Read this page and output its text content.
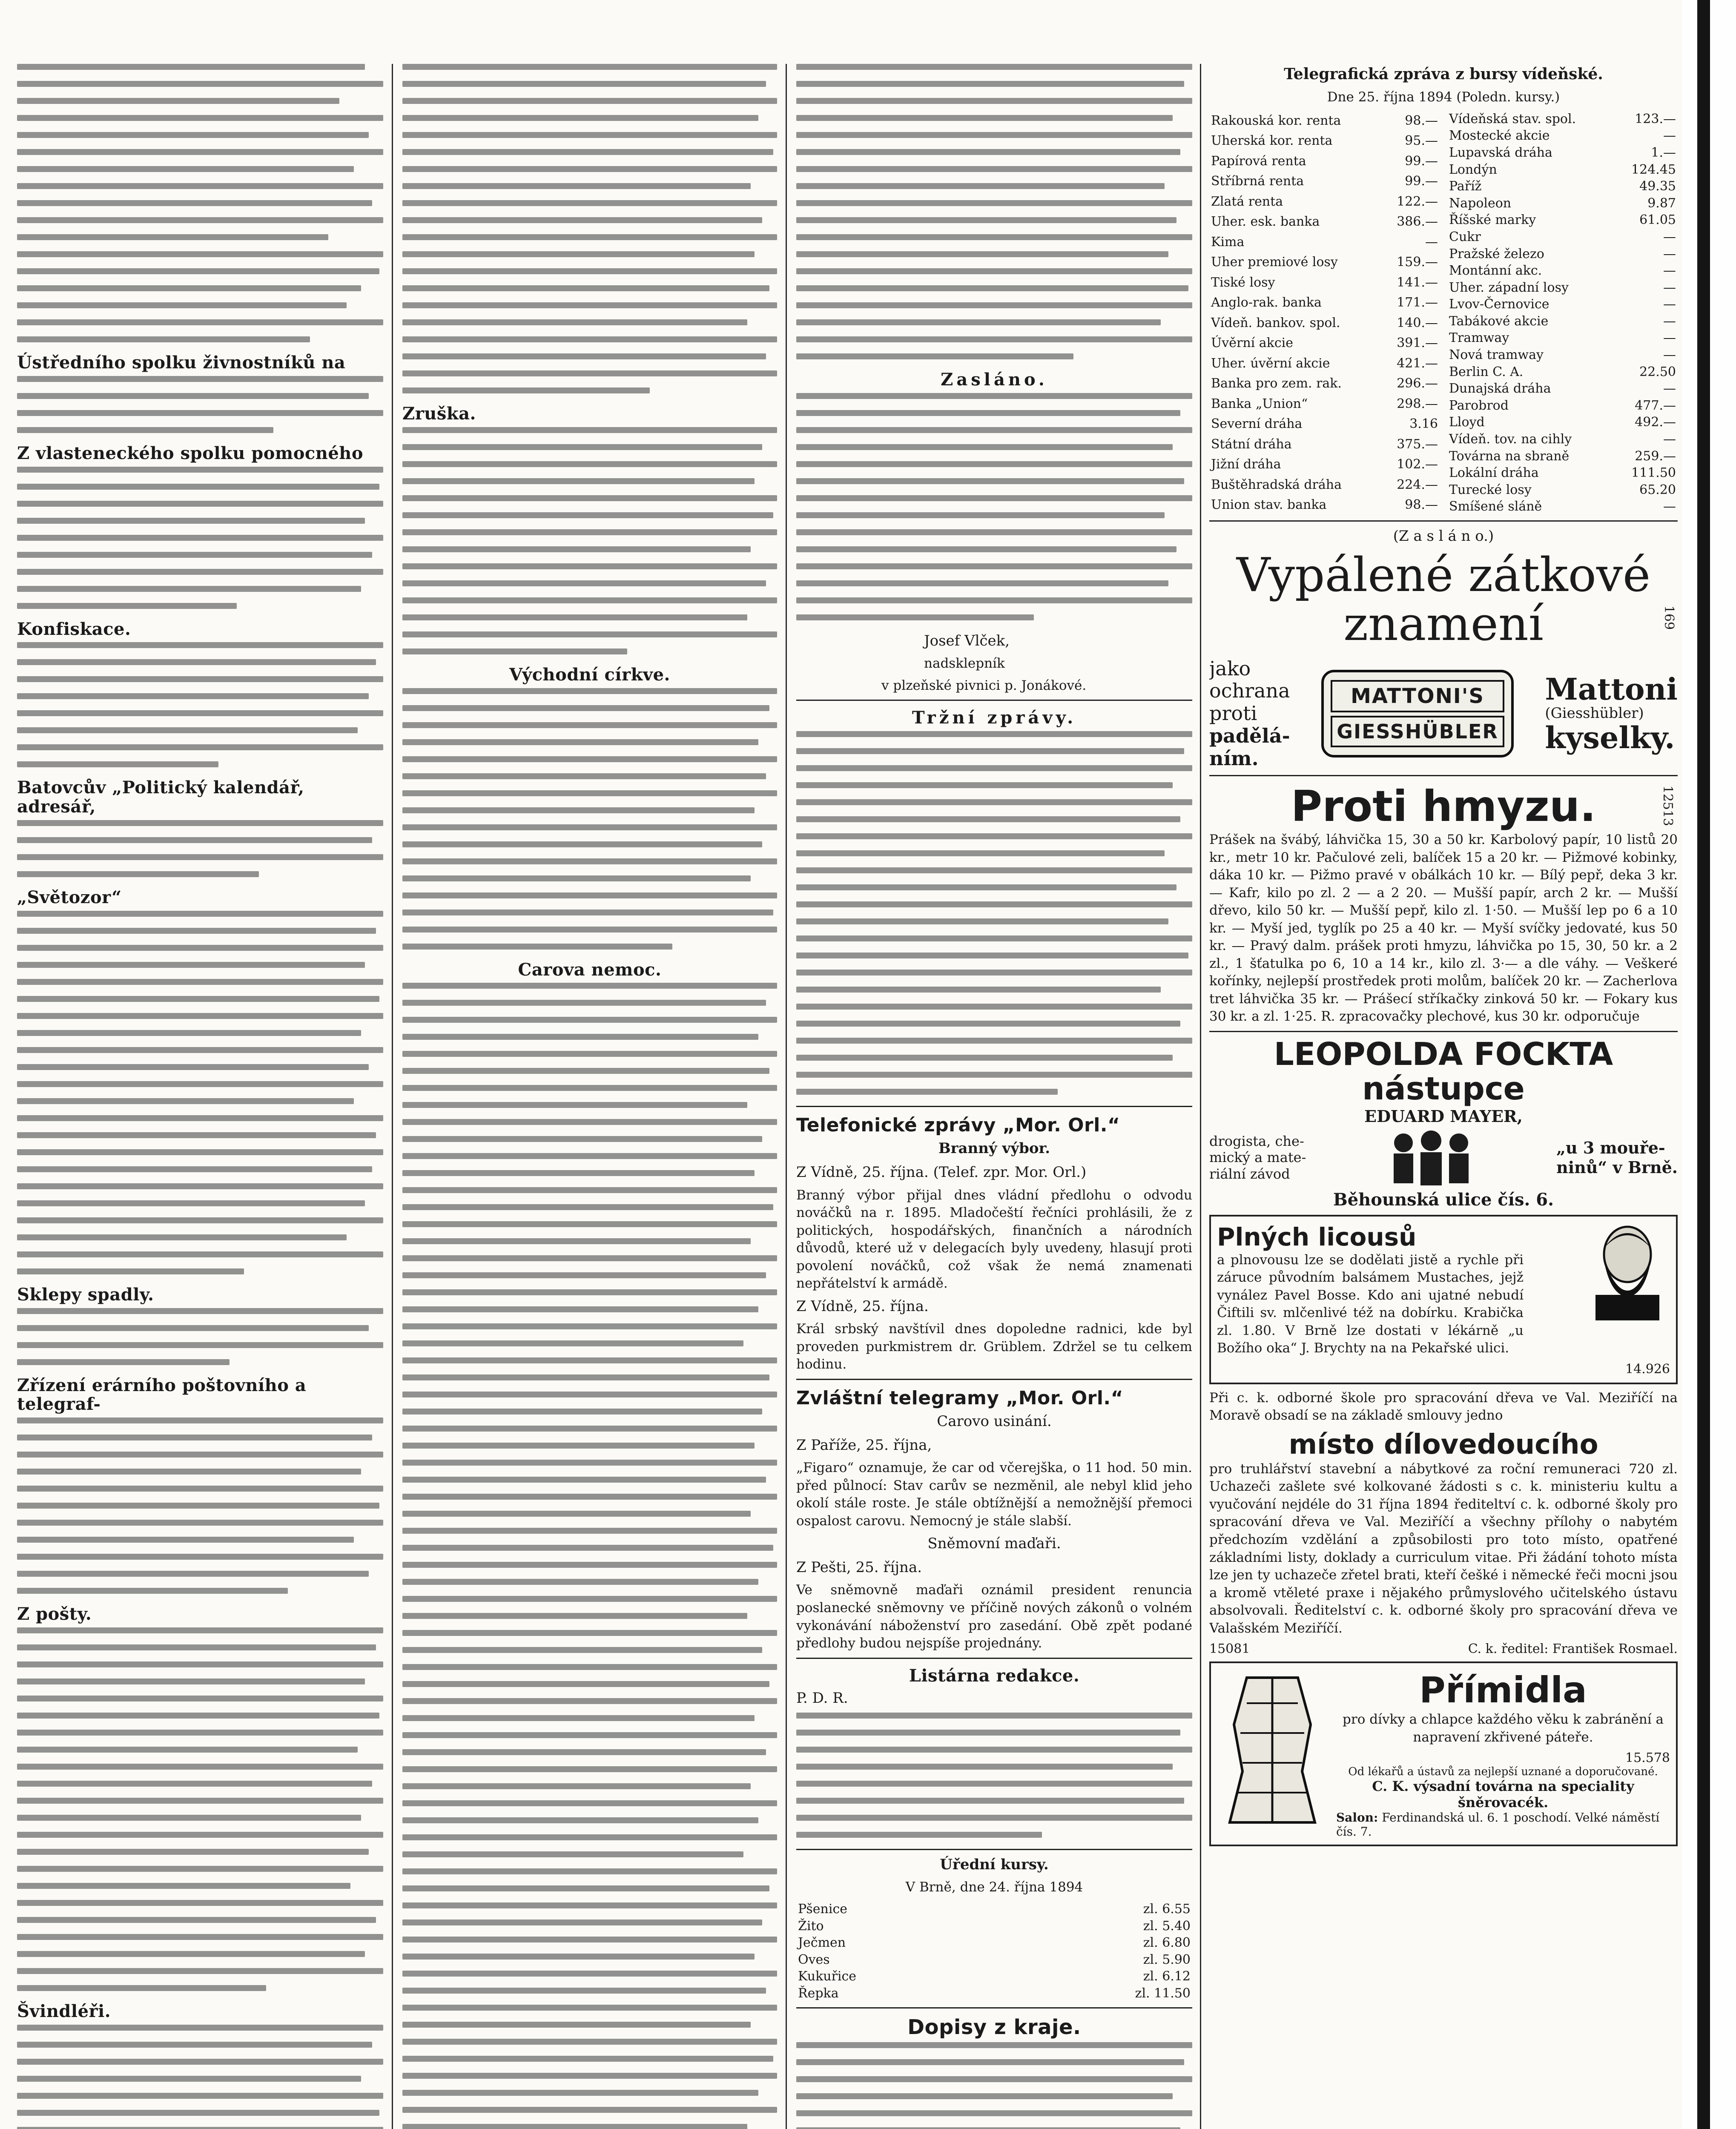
Ústředního spolku živnostníků na
Z vlasteneckého spolku pomocného
Konfiskace.
Batovcův „Politický kalendář, adresář,
„Světozor“
Sklepy spadly.
Zřízení erárního poštovního a telegraf-
Z pošty.
Švindléři.
Zruška.
Východní církve.
Carova nemoc.
Zasláno.
Josef Vlček,
nadsklepník
v plzeňské pivnici p. Jonákové.
Tržní zprávy.
Telefonické zprávy „Mor. Orl.“
Branný výbor.
Z Vídně, 25. října. (Telef. zpr. Mor. Orl.)
Branný výbor přijal dnes vládní předlohu o odvodu nováčků na r. 1895. Mladočeští řečníci prohlásili, že z politických, hospodářských, finančních a národních důvodů, které už v delegacích byly uvedeny, hlasují proti povolení nováčků, což však že nemá znamenati nepřátelství k armádě.
Z Vídně, 25. října.
Král srbský navštívil dnes dopoledne radnici, kde byl proveden purkmistrem dr. Grüblem. Zdržel se tu celkem hodinu.
Zvláštní telegramy „Mor. Orl.“
Carovo usinání.
Z Paříže, 25. října,
„Figaro“ oznamuje, že car od včerejška, o 11 hod. 50 min. před půlnocí: Stav carův se nezměnil, ale nebyl klid jeho okolí stále roste. Je stále obtížnější a nemožnější přemoci ospalost carovu. Nemocný je stále slabší.
Sněmovní maďaři.
Z Pešti, 25. října.
Ve sněmovně maďaři oznámil president renuncia poslanecké sněmovny ve příčině nových zákonů o volném vykonávání náboženství pro zasedání. Obě zpět podané předlohy budou nejspíše projednány.
Listárna redakce.
P. D. R.
Úřední kursy.
V Brně, dne 24. října 1894
Pšenice	zl. 6.55
Žito	zl. 5.40
Ječmen	zl. 6.80
Oves	zl. 5.90
Kukuřice	zl. 6.12
Řepka	zl. 11.50
Dopisy z kraje.
Telegrafická zpráva z bursy vídeňské.
Dne 25. října 1894 (Poledn. kursy.)
Rakouská kor. renta	98.—
Uherská kor. renta	95.—
Papírová renta	99.—
Stříbrná renta	99.—
Zlatá renta	122.—
Uher. esk. banka	386.—
Kima	—
Uher premiové losy	159.—
Tiské losy	141.—
Anglo-rak. banka	171.—
Vídeň. bankov. spol.	140.—
Úvěrní akcie	391.—
Uher. úvěrní akcie	421.—
Banka pro zem. rak.	296.—
Banka „Union“	298.—
Severní dráha	3.16
Státní dráha	375.—
Jižní dráha	102.—
Buštěhradská dráha	224.—
Union stav. banka	98.—
Vídeňská stav. spol.	123.—
Mostecké akcie	—
Lupavská dráha	1.—
Londýn	124.45
Paříž	49.35
Napoleon	9.87
Říšské marky	61.05
Cukr	—
Pražské železo	—
Montánní akc.	—
Uher. západní losy	—
Lvov-Černovice	—
Tabákové akcie	—
Tramway	—
Nová tramway	—
Berlin C. A.	22.50
Dunajská dráha	—
Parobrod	477.—
Lloyd	492.—
Vídeň. tov. na cihly	—
Továrna na sbraně	259.—
Lokální dráha	111.50
Turecké losy	65.20
Smíšené sláně	—
(Z a s l á n o.)
Vypálené zátkové
znamení
jako
ochrana
proti
padělá-
ním.
MATTONI'S
GIESSHÜBLER
Mattoni
(Giesshübler)
kyselky.
169
Proti hmyzu.
Prášek na švábý, láhvička 15, 30 a 50 kr. Karbolový papír, 10 listů 20 kr., metr 10 kr. Pačulové zeli, balíček 15 a 20 kr. — Pižmové kobinky, dáka 10 kr. — Pižmo pravé v obálkách 10 kr. — Bílý pepř, deka 3 kr. — Kafr, kilo po zl. 2 — a 2 20. — Mušší papír, arch 2 kr. — Mušší dřevo, kilo 50 kr. — Mušší pepř, kilo zl. 1·50. — Mušší lep po 6 a 10 kr. — Myší jed, tyglík po 25 a 40 kr. — Myší svíčky jedovaté, kus 50 kr. — Pravý dalm. prášek proti hmyzu, láhvička po 15, 30, 50 kr. a 2 zl., 1 šťatulka po 6, 10 a 14 kr., kilo zl. 3·— a dle váhy. — Veškeré kořínky, nejlepší prostředek proti molům, balíček 20 kr. — Zacherlova tret láhvička 35 kr. — Prášecí stříkačky zinková 50 kr. — Fokary kus 30 kr. a zl. 1·25. R. zpracovačky plechové, kus 30 kr. odporučuje
12513
LEOPOLDA FOCKTA nástupce
EDUARD MAYER,
drogista, che-
mický a mate-
riální závod
„u 3 mouře-
ninů“ v Brně.
Běhounská ulice čís. 6.
Plných licousů
a plnovousu lze se dodělati jistě a rychle při záruce původním balsámem Mustaches, jejž vynález Pavel Bosse. Kdo ani ujatné nebudí Čiftili sv. mlčenlivé též na dobírku. Krabička zl. 1.80. V Brně lze dostati v lékárně „u Božího oka“ J. Brychty na na Pekařské ulici.
14.926
Při c. k. odborné škole pro spracování dřeva ve Val. Meziříčí na Moravě obsadí se na základě smlouvy jedno
místo dílovedoucího
pro truhlářství stavební a nábytkové za roční remuneraci 720 zl. Uchazeči zašlete své kolkované žádosti s c. k. ministeriu kultu a vyučování nejdéle do 31 října 1894 řediteltví c. k. odborné školy pro spracování dřeva ve Val. Meziříčí a všechny přílohy o nabytém předchozím vzdělání a způsobilosti pro toto místo, opatřené základními listy, doklady a curriculum vitae. Při žádání tohoto místa lze jen ty uchazeče zřetel brati, kteří češké i německé řeči mocni jsou a kromě vtěleté praxe i nějakého průmyslového učitelského ústavu absolvovali. Ředitelství c. k. odborné školy pro spracování dřeva ve Valašském Meziříčí.
15081	C. k. ředitel: František Rosmael.
Přímidla
pro dívky a chlapce každého věku k zabránění a napravení zkřivené páteře.
15.578
Od lékařů a ústavů za nejlepší uznané a doporučované.
C. K. výsadní továrna na speciality šněrovacék.
Salon: Ferdinandská ul. 6. 1 poschodí. Velké náměstí čís. 7.
